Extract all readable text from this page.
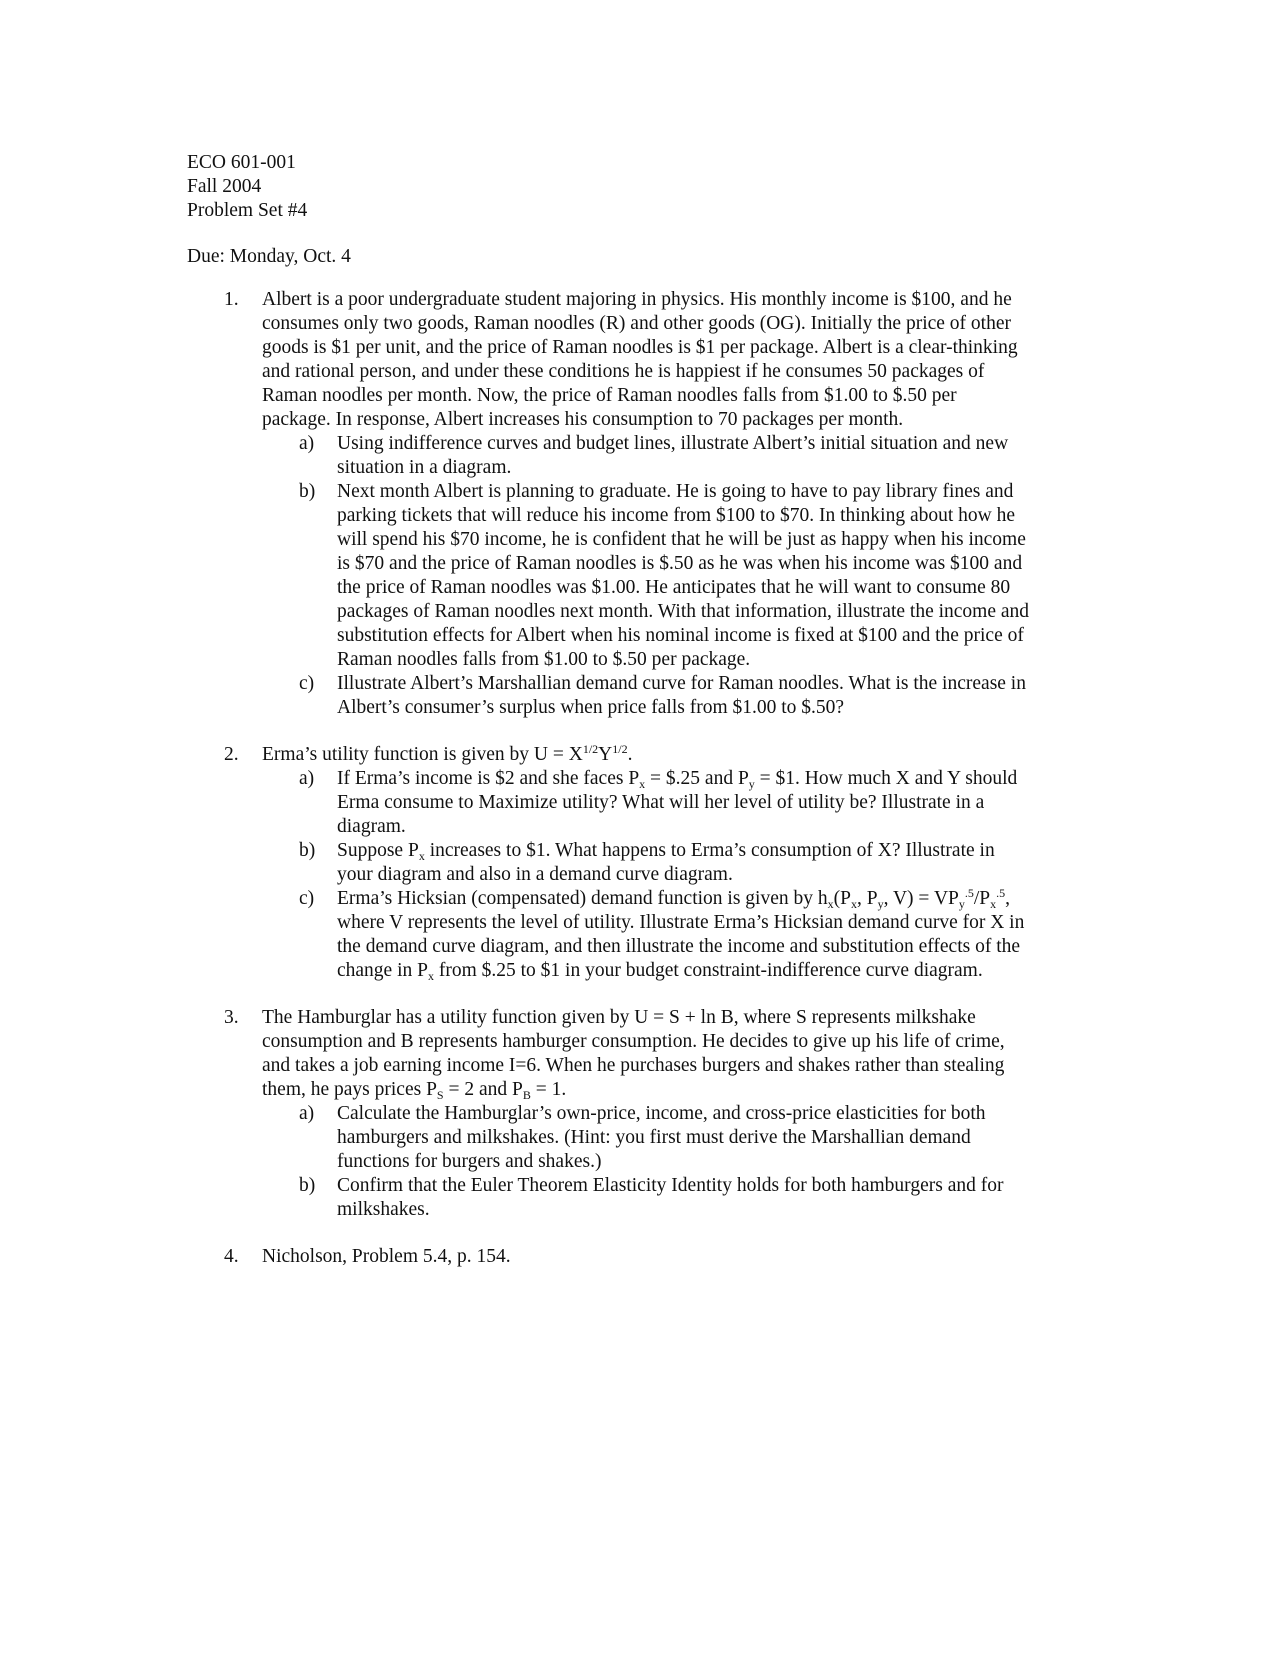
ECO 601-001
Fall 2004
Problem Set #4
Due: Monday, Oct. 4
1. Albert is a poor undergraduate student majoring in physics. His monthly income is $100, and he
consumes only two goods, Raman noodles (R) and other goods (OG). Initially the price of other
goods is $1 per unit, and the price of Raman noodles is $1 per package. Albert is a clear-thinking
and rational person, and under these conditions he is happiest if he consumes 50 packages of
Raman noodles per month. Now, the price of Raman noodles falls from $1.00 to $.50 per
package. In response, Albert increases his consumption to 70 packages per month.
a) Using indifference curves and budget lines, illustrate Albert’s initial situation and new
situation in a diagram.
b) Next month Albert is planning to graduate. He is going to have to pay library fines and
parking tickets that will reduce his income from $100 to $70. In thinking about how he
will spend his $70 income, he is confident that he will be just as happy when his income
is $70 and the price of Raman noodles is $.50 as he was when his income was $100 and
the price of Raman noodles was $1.00. He anticipates that he will want to consume 80
packages of Raman noodles next month. With that information, illustrate the income and
substitution effects for Albert when his nominal income is fixed at $100 and the price of
Raman noodles falls from $1.00 to $.50 per package.
c) Illustrate Albert’s Marshallian demand curve for Raman noodles. What is the increase in
Albert’s consumer’s surplus when price falls from $1.00 to $.50?
2. Erma’s utility function is given by $U = X^{1/2}Y^{1/2}$.
a) If Erma’s income is $2 and she faces $P_x$ = $.25 and $P_y$ = $1. How much X and Y should
Erma consume to Maximize utility? What will her level of utility be? Illustrate in a
diagram.
b) Suppose $P_x$ increases to $1. What happens to Erma’s consumption of X? Illustrate in
your diagram and also in a demand curve diagram.
c) Erma’s Hicksian (compensated) demand function is given by $h_x(P_x$, $P_y$, $V) = VP_y^{.5}/P_x^{.5}$,
where V represents the level of utility. Illustrate Erma’s Hicksian demand curve for X in
the demand curve diagram, and then illustrate the income and substitution effects of the
change in $P_x$ from $.25 to $1 in your budget constraint-indifference curve diagram.
3. The Hamburglar has a utility function given by U = S + ln B, where S represents milkshake
consumption and B represents hamburger consumption. He decides to give up his life of crime,
and takes a job earning income I=6. When he purchases burgers and shakes rather than stealing
them, he pays prices $P_S = 2$ and $P_B = 1$.
a) Calculate the Hamburglar’s own-price, income, and cross-price elasticities for both
hamburgers and milkshakes. (Hint: you first must derive the Marshallian demand
functions for burgers and shakes.)
b) Confirm that the Euler Theorem Elasticity Identity holds for both hamburgers and for
milkshakes.
4. Nicholson, Problem 5.4, p. 154.
